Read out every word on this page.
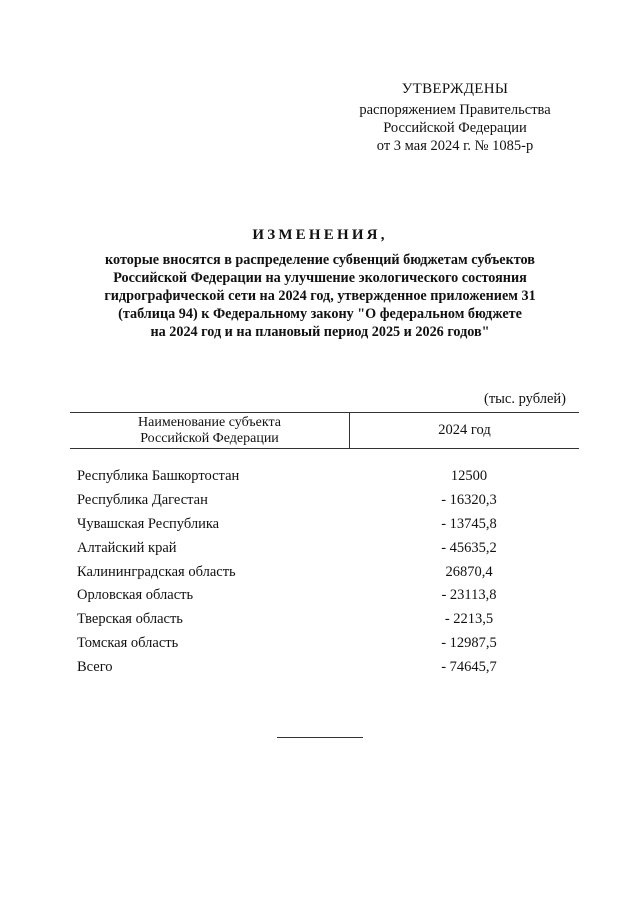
УТВЕРЖДЕНЫ
распоряжением Правительства
Российской Федерации
от 3 мая 2024 г. № 1085-р
ИЗМЕНЕНИЯ,
которые вносятся в распределение субвенций бюджетам субъектов
Российской Федерации на улучшение экологического состояния
гидрографической сети на 2024 год, утвержденное приложением 31
(таблица 94) к Федеральному закону "О федеральном бюджете
на 2024 год и на плановый период 2025 и 2026 годов"
(тыс. рублей)
Наименование субъекта
Российской Федерации
2024 год
Республика Башкортостан	12500
Республика Дагестан	- 16320,3
Чувашская Республика	- 13745,8
Алтайский край	- 45635,2
Калининградская область	26870,4
Орловская область	- 23113,8
Тверская область	- 2213,5
Томская область	- 12987,5
Всего	- 74645,7
